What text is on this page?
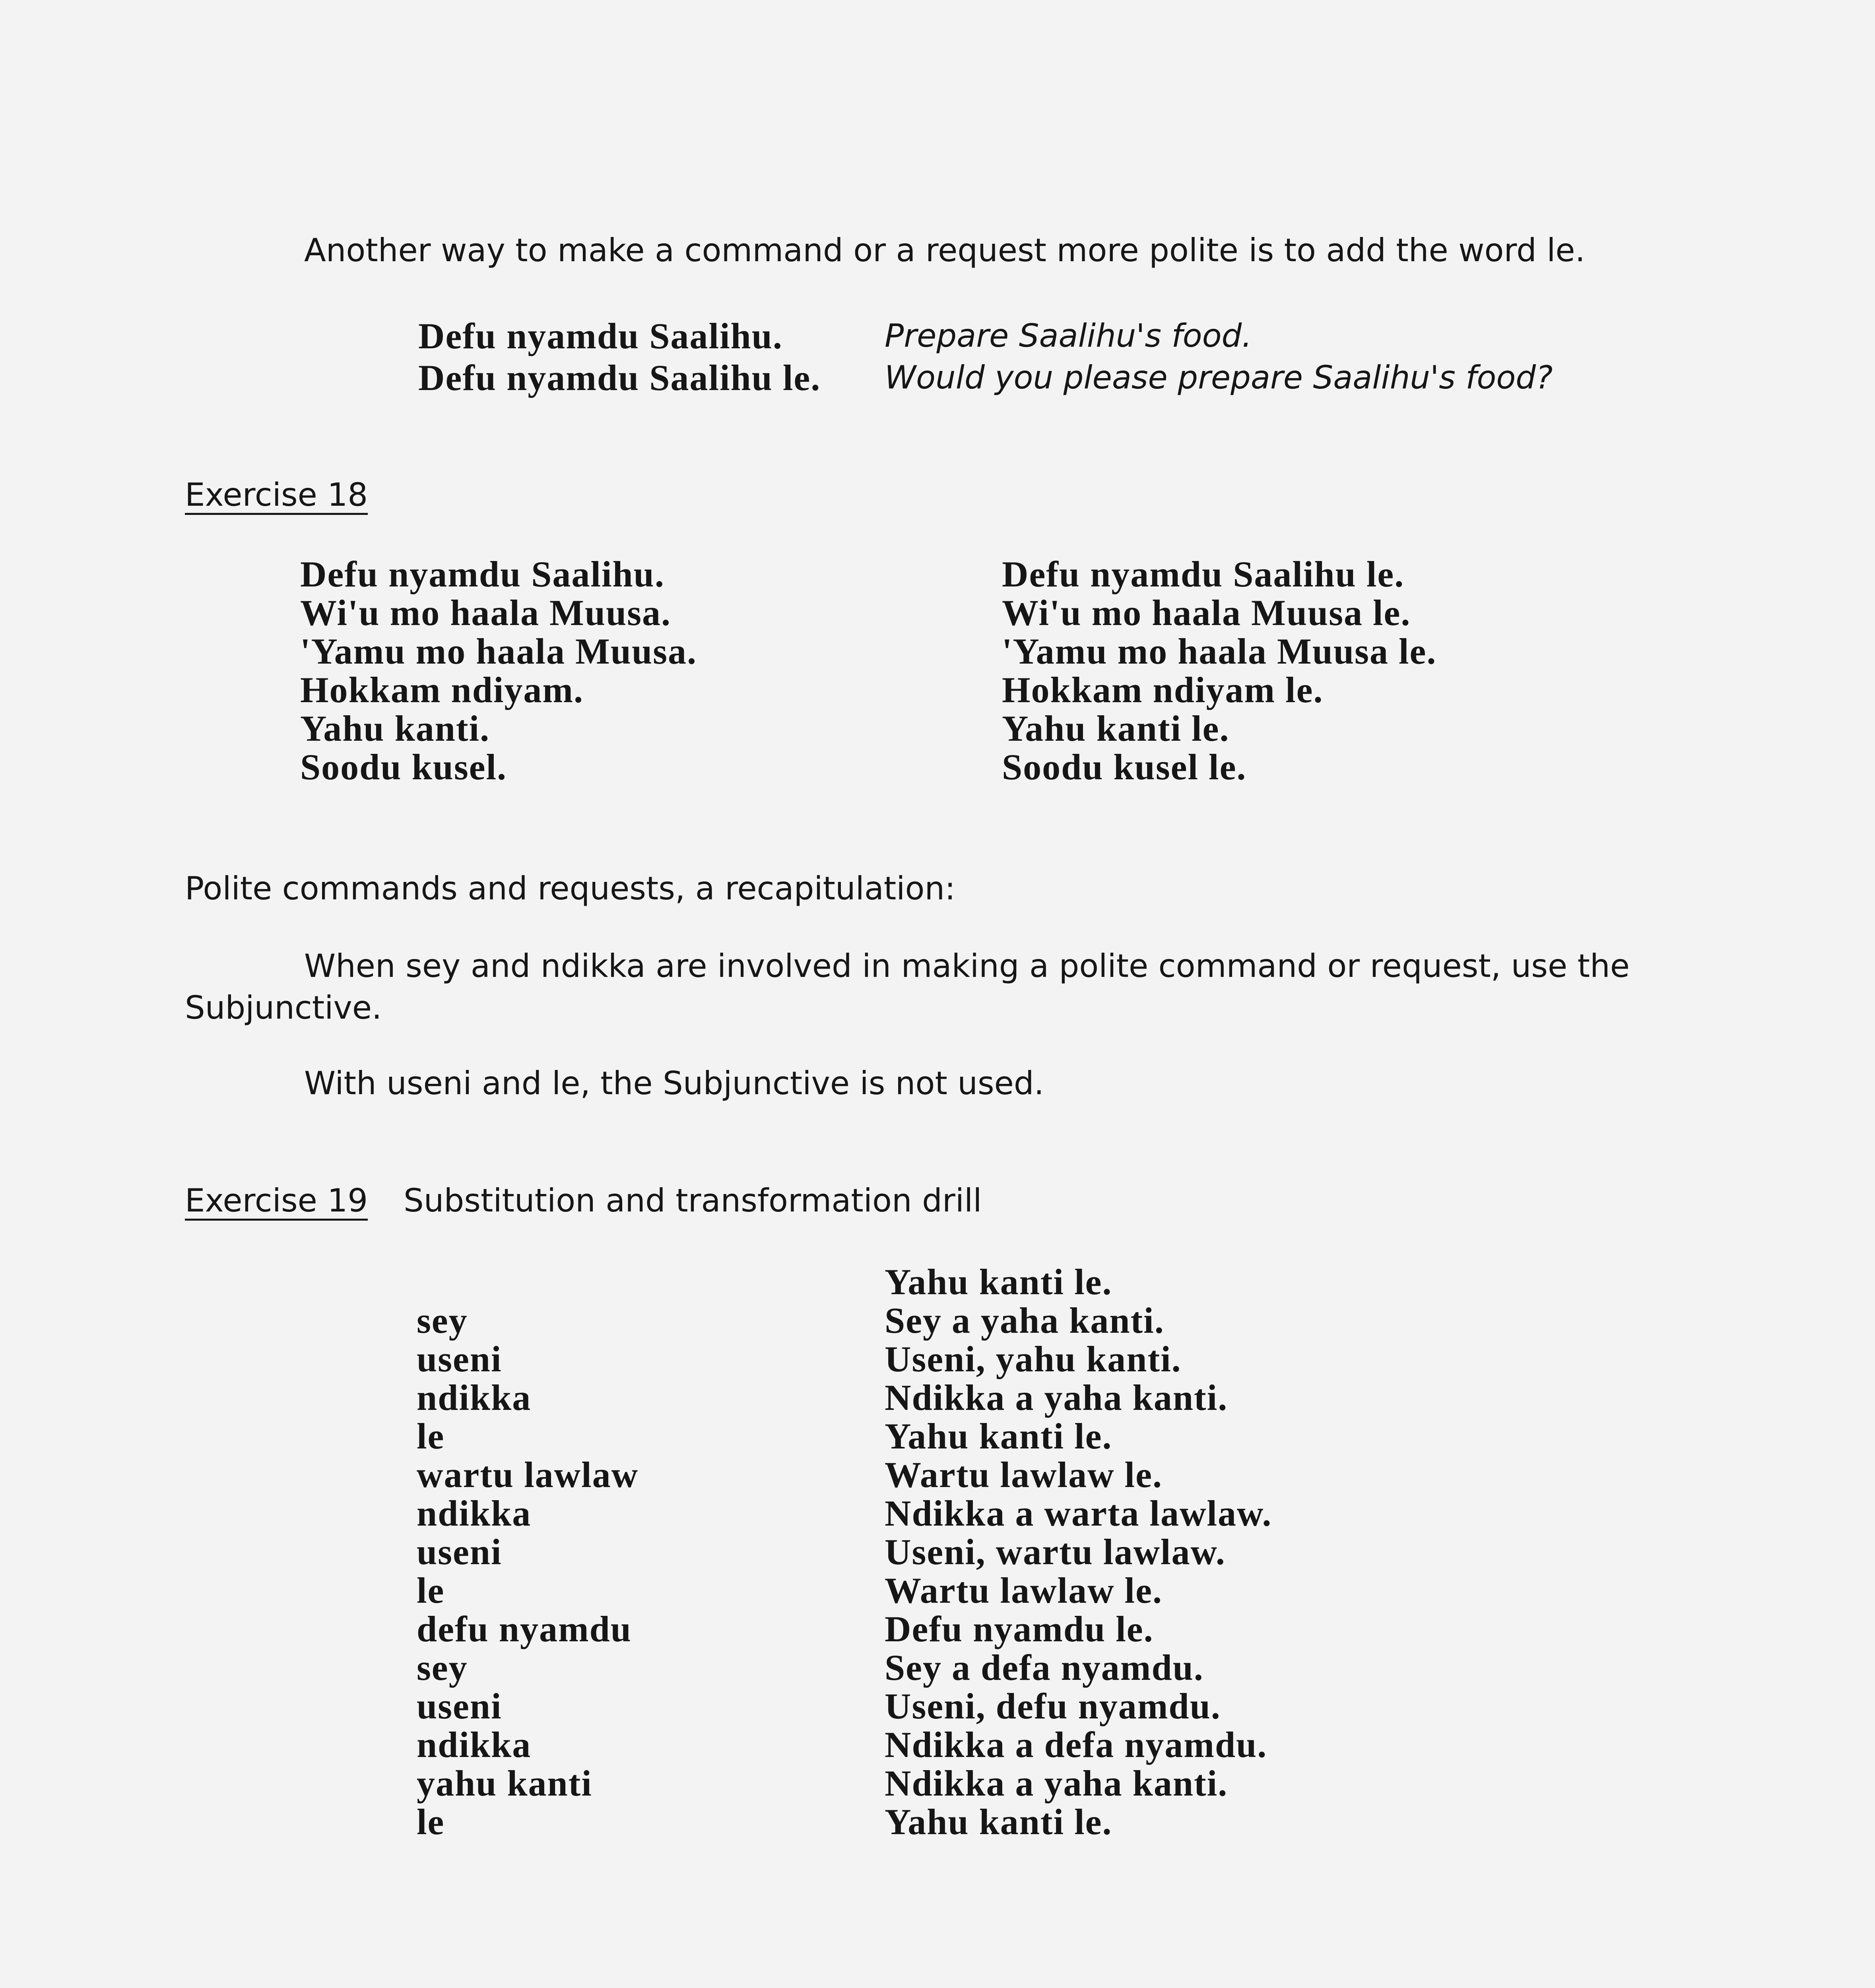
Another way to make a command or a request more polite is to add the word le.
Defu nyamdu Saalihu.	Prepare Saalihu's food.
Defu nyamdu Saalihu le. Would you please prepare Saalihu's food?
Exercise 18
Defu nyamdu Saalihu.
Wi'u mo haala Muusa.
'Yamu mo haala Muusa.
Hokkam ndiyam.
Yahu kanti.
Soodu kusel.
Defu nyamdu Saalihu le.
Wi'u mo haala Muusa le.
'Yamu mo haala Muusa le.
Hokkam ndiyam le.
Yahu kanti le.
Soodu kusel le.
Polite commands and requests, a recapitulation:
When sey and ndikka are involved in making a polite command or request, use the
Subjunctive.
With useni and le, the Subjunctive is not used.
Exercise 19 Substitution and transformation drill
sey
useni
ndikka
le
wartu lawlaw
ndikka
useni
le
defu nyamdu
sey
useni
ndikka
yahu kanti
le
Yahu kanti le.
Sey a yaha kanti.
Useni, yahu kanti.
Ndikka a yaha kanti.
Yahu kanti le.
Wartu lawlaw le.
Ndikka a warta lawlaw.
Useni, wartu lawlaw.
Wartu lawlaw le.
Defu nyamdu le.
Sey a defa nyamdu.
Useni, defu nyamdu.
Ndikka a defa nyamdu.
Ndikka a yaha kanti.
Yahu kanti le.
